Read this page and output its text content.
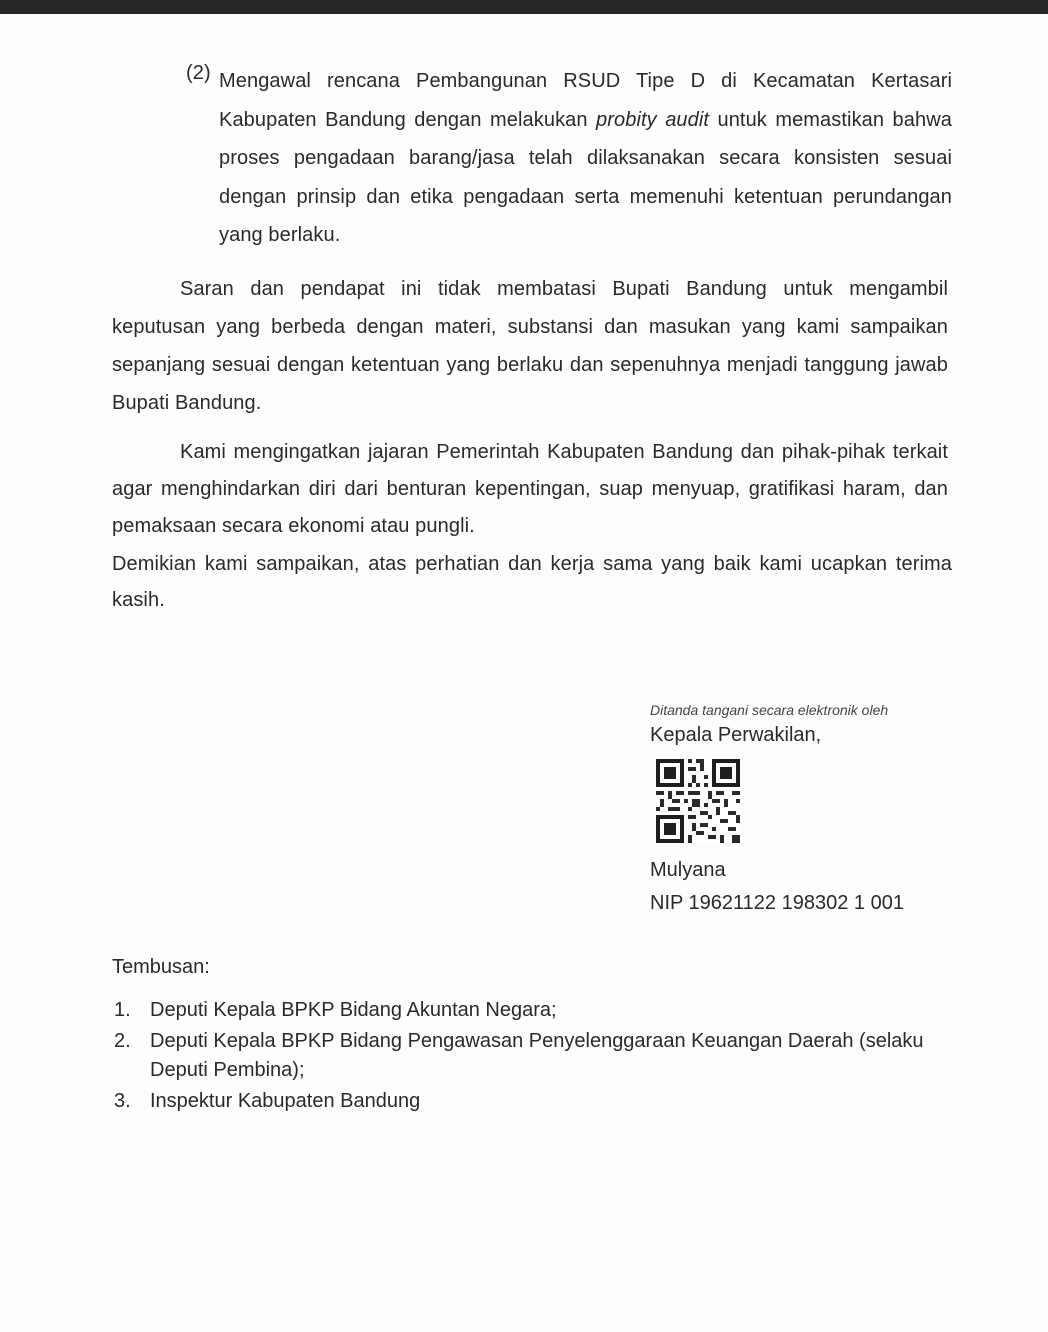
(2) Mengawal rencana Pembangunan RSUD Tipe D di Kecamatan Kertasari Kabupaten Bandung dengan melakukan probity audit untuk memastikan bahwa proses pengadaan barang/jasa telah dilaksanakan secara konsisten sesuai dengan prinsip dan etika pengadaan serta memenuhi ketentuan perundangan yang berlaku.
Saran dan pendapat ini tidak membatasi Bupati Bandung untuk mengambil keputusan yang berbeda dengan materi, substansi dan masukan yang kami sampaikan sepanjang sesuai dengan ketentuan yang berlaku dan sepenuhnya menjadi tanggung jawab Bupati Bandung.
Kami mengingatkan jajaran Pemerintah Kabupaten Bandung dan pihak-pihak terkait agar menghindarkan diri dari benturan kepentingan, suap menyuap, gratifikasi haram, dan pemaksaan secara ekonomi atau pungli.
Demikian kami sampaikan, atas perhatian dan kerja sama yang baik kami ucapkan terima kasih.
Ditanda tangani secara elektronik oleh
Kepala Perwakilan,
Mulyana
NIP 19621122 198302 1 001
Tembusan:
1. Deputi Kepala BPKP Bidang Akuntan Negara;
2. Deputi Kepala BPKP Bidang Pengawasan Penyelenggaraan Keuangan Daerah (selaku Deputi Pembina);
3. Inspektur Kabupaten Bandung
